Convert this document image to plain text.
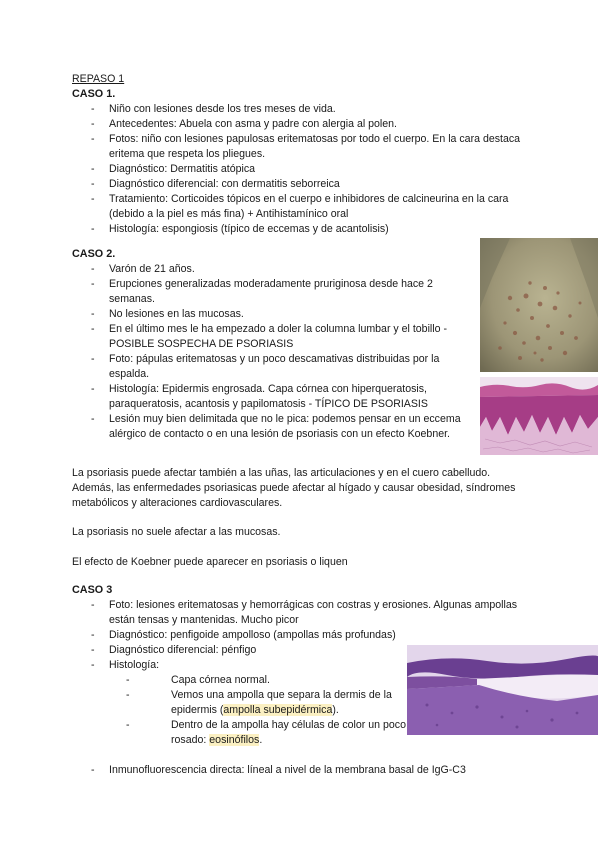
REPASO 1
CASO 1.
- Niño con lesiones desde los tres meses de vida.
- Antecedentes: Abuela con asma y padre con alergia al polen.
- Fotos: niño con lesiones papulosas eritematosas por todo el cuerpo. En la cara destaca eritema que respeta los pliegues.
- Diagnóstico: Dermatitis atópica
- Diagnóstico diferencial: con dermatitis seborreica
- Tratamiento: Corticoides tópicos en el cuerpo e inhibidores de calcineurina en la cara (debido a la piel es más fina) + Antihistamínico oral
- Histología: espongiosis (típico de eccemas y de acantolisis)
CASO 2.
- Varón de 21 años.
- Erupciones generalizadas moderadamente pruriginosa desde hace 2 semanas.
- No lesiones en las mucosas.
- En el último mes le ha empezado a doler la columna lumbar y el tobillo - POSIBLE SOSPECHA DE PSORIASIS
- Foto: pápulas eritematosas y un poco descamativas distribuidas por la espalda.
- Histología: Epidermis engrosada. Capa córnea con hiperqueratosis, paraqueratosis, acantosis y papilomatosis - TÍPICO DE PSORIASIS
- Lesión muy bien delimitada que no le pica: podemos pensar en un eccema alérgico de contacto o en una lesión de psoriasis con un efecto Koebner.
La psoriasis puede afectar también a las uñas, las articulaciones y en el cuero cabelludo. Además, las enfermedades psoriasicas puede afectar al hígado y causar obesidad, síndromes metabólicos y alteraciones cardiovasculares.
La psoriasis no suele afectar a las mucosas.
El efecto de Koebner puede aparecer en psoriasis o liquen
CASO 3
- Foto: lesiones eritematosas y hemorrágicas con costras y erosiones. Algunas ampollas están tensas y mantenidas. Mucho picor
- Diagnóstico: penfigoide ampolloso (ampollas más profundas)
- Diagnóstico diferencial: pénfigo
- Histología:
- Capa córnea normal.
- Vemos una ampolla que separa la dermis de la epidermis (ampolla subepidérmica).
- Dentro de la ampolla hay células de color un poco rosado: eosinófilos.
- Inmunofluorescencia directa: líneal a nivel de la membrana basal de IgG-C3
